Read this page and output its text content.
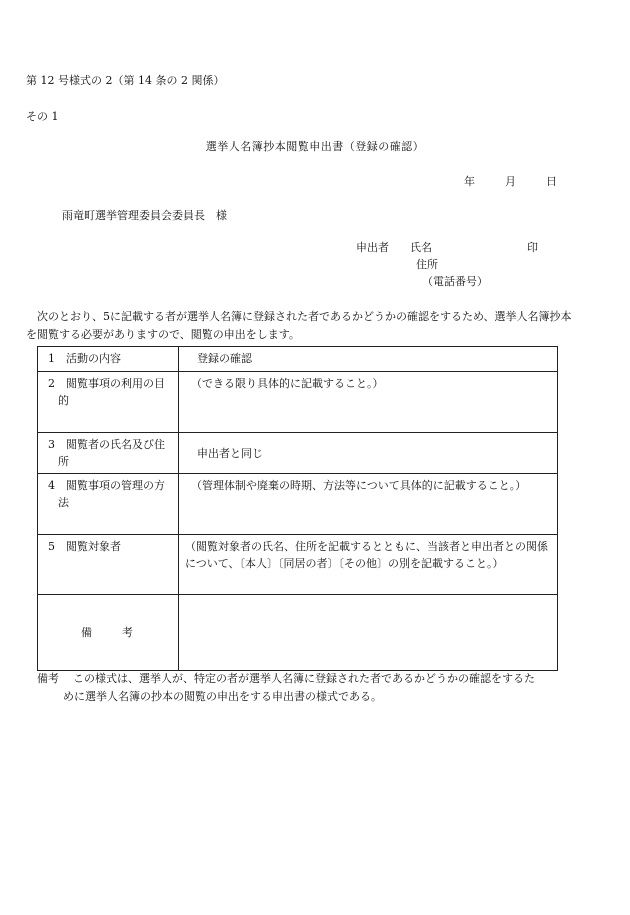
第 12 号様式の 2（第 14 条の 2 関係）
その 1
選挙人名簿抄本閲覧申出書（登録の確認）
年	月	日
雨竜町選挙管理委員会委員長　様
申出者 氏名	印
住所
（電話番号）
次のとおり、5に記載する者が選挙人名簿に登録された者であるかどうかの確認をするため、選挙人名簿抄本を閲覧する必要がありますので、閲覧の申出をします。
1　活動の内容	登録の確認

2　閲覧事項の利用の目
的	（できる限り具体的に記載すること。）

3　閲覧者の氏名及び住
所	申出者と同じ

4　閲覧事項の管理の方
法	（管理体制や廃棄の時期、方法等について具体的に記載すること。）

5　閲覧対象者	（閲覧対象者の氏名、住所を記載するとともに、当該者と申出者との関係について、〔本人〕〔同居の者〕〔その他〕の別を記載すること。）

備 考	
備考	この様式は、選挙人が、特定の者が選挙人名簿に登録された者であるかどうかの確認をするた
めに選挙人名簿の抄本の閲覧の申出をする申出書の様式である。
